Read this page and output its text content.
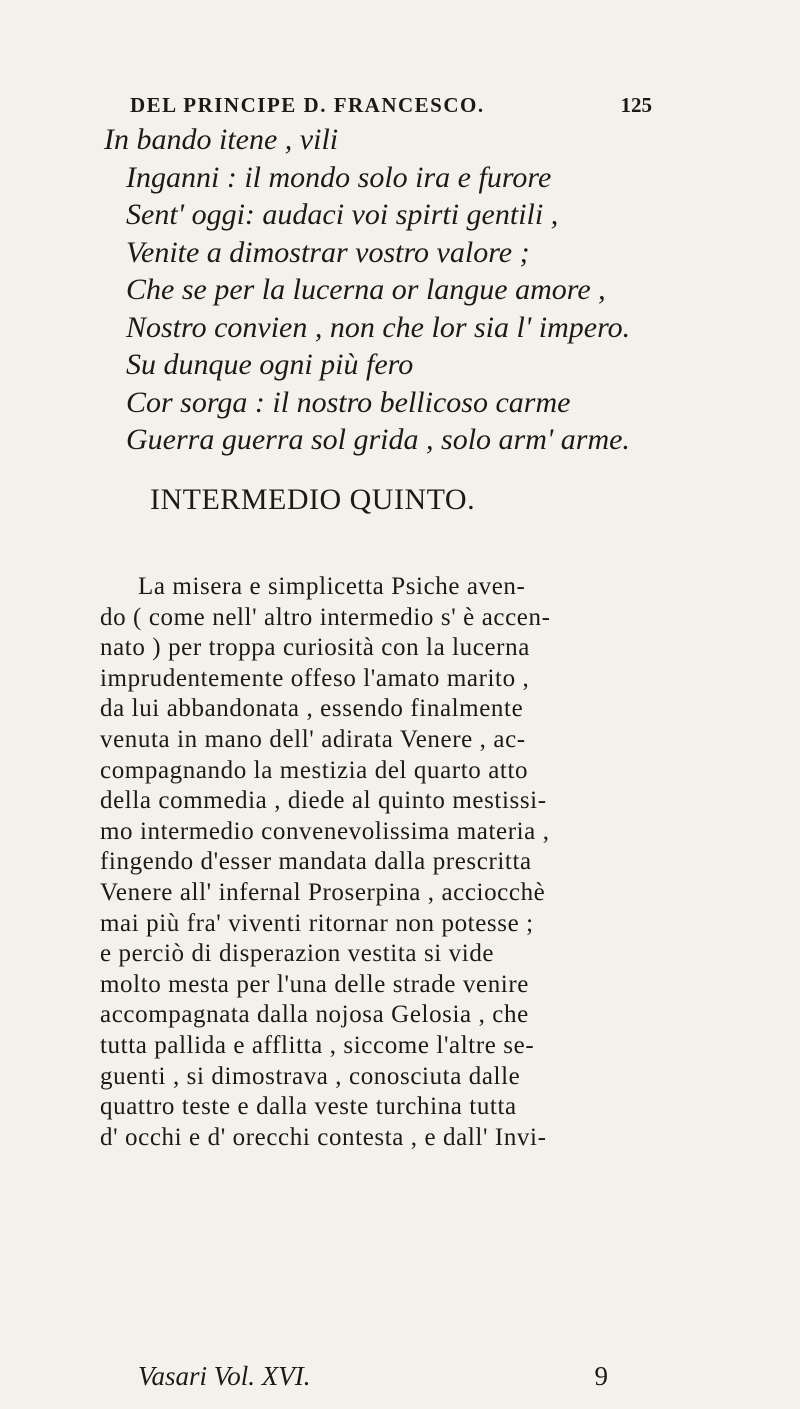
DEL PRINCIPE D. FRANCESCO.	125
In bando itene , vili
Inganni : il mondo solo ira e furore
Sent' oggi: audaci voi spirti gentili ,
Venite a dimostrar vostro valore ;
Che se per la lucerna or langue amore ,
Nostro convien , non che lor sia l' impero.
Su dunque ogni più fero
Cor sorga : il nostro bellicoso carme
Guerra guerra sol grida , solo arm' arme.
INTERMEDIO QUINTO.
La misera e simplicetta Psiche aven-
do ( come nell' altro intermedio s' è accen-
nato ) per troppa curiosità con la lucerna
imprudentemente offeso l'amato marito ,
da lui abbandonata , essendo finalmente
venuta in mano dell' adirata Venere , ac-
compagnando la mestizia del quarto atto
della commedia , diede al quinto mestissi-
mo intermedio convenevolissima materia ,
fingendo d'esser mandata dalla prescritta
Venere all' infernal Proserpina , acciocchè
mai più fra' viventi ritornar non potesse ;
e perciò di disperazion vestita si vide
molto mesta per l'una delle strade venire
accompagnata dalla nojosa Gelosia , che
tutta pallida e afflitta , siccome l'altre se-
guenti , si dimostrava , conosciuta dalle
quattro teste e dalla veste turchina tutta
d' occhi e d' orecchi contesta , e dall' Invi-
Vasari Vol. XVI.	9
